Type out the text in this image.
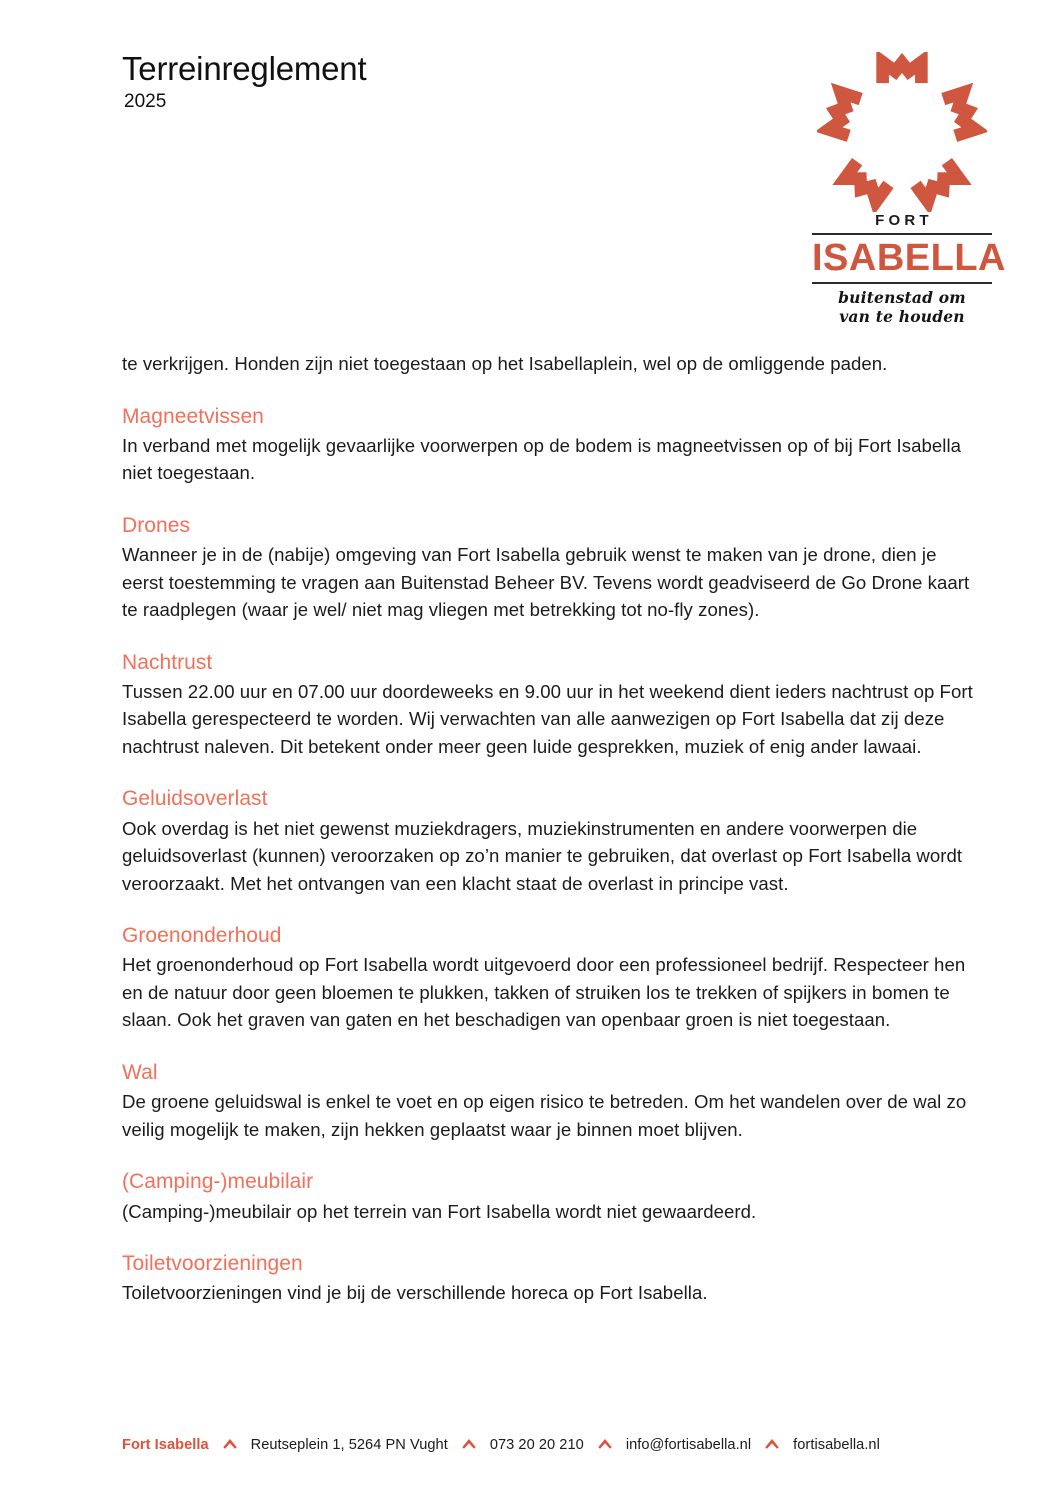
Terreinreglement
2025
FORT
ISABELLA
buitenstad om
van te houden

te verkrijgen. Honden zijn niet toegestaan op het Isabellaplein, wel op de omliggende paden.

Magneetvissen

In verband met mogelijk gevaarlijke voorwerpen op de bodem is magneetvissen op of bij Fort Isabella niet toegestaan.

Drones

Wanneer je in de (nabije) omgeving van Fort Isabella gebruik wenst te maken van je drone, dien je eerst toestemming te vragen aan Buitenstad Beheer BV. Tevens wordt geadviseerd de Go Drone kaart te raadplegen (waar je wel/ niet mag vliegen met betrekking tot no-fly zones).

Nachtrust

Tussen 22.00 uur en 07.00 uur doordeweeks en 9.00 uur in het weekend dient ieders nachtrust op Fort Isabella gerespecteerd te worden. Wij verwachten van alle aanwezigen op Fort Isabella dat zij deze nachtrust naleven. Dit betekent onder meer geen luide gesprekken, muziek of enig ander lawaai.

Geluidsoverlast

Ook overdag is het niet gewenst muziekdragers, muziekinstrumenten en andere voorwerpen die geluidsoverlast (kunnen) veroorzaken op zo’n manier te gebruiken, dat overlast op Fort Isabella wordt veroorzaakt. Met het ontvangen van een klacht staat de overlast in principe vast.

Groenonderhoud

Het groenonderhoud op Fort Isabella wordt uitgevoerd door een professioneel bedrijf. Respecteer hen en de natuur door geen bloemen te plukken, takken of struiken los te trekken of spijkers in bomen te slaan. Ook het graven van gaten en het beschadigen van openbaar groen is niet toegestaan.

Wal

De groene geluidswal is enkel te voet en op eigen risico te betreden. Om het wandelen over de wal zo veilig mogelijk te maken, zijn hekken geplaatst waar je binnen moet blijven.

(Camping-)meubilair

(Camping-)meubilair op het terrein van Fort Isabella wordt niet gewaardeerd.

Toiletvoorzieningen

Toiletvoorzieningen vind je bij de verschillende horeca op Fort Isabella.

Fort Isabella	Reutseplein 1, 5264 PN Vught	073 20 20 210	info@fortisabella.nl	fortisabella.nl
